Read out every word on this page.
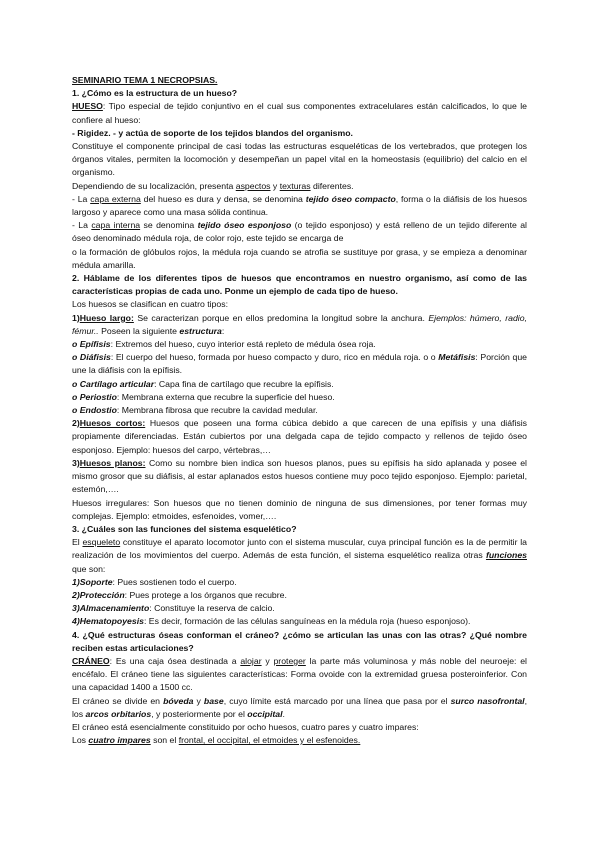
SEMINARIO TEMA 1 NECROPSIAS.

1. ¿Cómo es la estructura de un hueso?

HUESO: Tipo especial de tejido conjuntivo en el cual sus componentes extracelulares están calcificados, lo que le confiere al hueso:

- Rigidez. - y actúa de soporte de los tejidos blandos del organismo.

Constituye el componente principal de casi todas las estructuras esqueléticas de los vertebrados, que protegen los órganos vitales, permiten la locomoción y desempeñan un papel vital en la homeostasis (equilibrio) del calcio en el organismo.

Dependiendo de su localización, presenta aspectos y texturas diferentes.

- La capa externa del hueso es dura y densa, se denomina tejido óseo compacto, forma o la diáfisis de los huesos largoso y aparece como una masa sólida continua.

- La capa interna se denomina tejido óseo esponjoso (o tejido esponjoso) y está relleno de un tejido diferente al óseo denominado médula roja, de color rojo, este tejido se encarga de

o la formación de glóbulos rojos, la médula roja cuando se atrofia se sustituye por grasa, y se empieza a denominar médula amarilla.

2. Háblame de los diferentes tipos de huesos que encontramos en nuestro organismo, así como de las características propias de cada uno. Ponme un ejemplo de cada tipo de hueso.

Los huesos se clasifican en cuatro tipos:

1)Hueso largo: Se caracterizan porque en ellos predomina la longitud sobre la anchura. Ejemplos: húmero, radio, fémur.. Poseen la siguiente estructura:

o Epífisis: Extremos del hueso, cuyo interior está repleto de médula ósea roja.

o Diáfisis: El cuerpo del hueso, formada por hueso compacto y duro, rico en médula roja. o o Metáfisis: Porción que une la diáfisis con la epífisis.

o Cartílago articular: Capa fina de cartílago que recubre la epífisis.

o Periostio: Membrana externa que recubre la superficie del hueso.

o Endostio: Membrana fibrosa que recubre la cavidad medular.

2)Huesos cortos: Huesos que poseen una forma cúbica debido a que carecen de una epífisis y una diáfisis propiamente diferenciadas. Están cubiertos por una delgada capa de tejido compacto y rellenos de tejido óseo esponjoso. Ejemplo: huesos del carpo, vértebras,…

3)Huesos planos: Como su nombre bien indica son huesos planos, pues su epífisis ha sido aplanada y posee el mismo grosor que su diáfisis, al estar aplanados estos huesos contiene muy poco tejido esponjoso. Ejemplo: parietal, estemón,….

Huesos irregulares: Son huesos que no tienen dominio de ninguna de sus dimensiones, por tener formas muy complejas. Ejemplo: etmoides, esfenoides, vomer,….

3. ¿Cuáles son las funciones del sistema esquelético?

El esqueleto constituye el aparato locomotor junto con el sistema muscular, cuya principal función es la de permitir la realización de los movimientos del cuerpo. Además de esta función, el sistema esquelético realiza otras funciones que son:

1)Soporte: Pues sostienen todo el cuerpo.

2)Protección: Pues protege a los órganos que recubre.

3)Almacenamiento: Constituye la reserva de calcio.

4)Hematopoyesis: Es decir, formación de las células sanguíneas en la médula roja (hueso esponjoso).

4. ¿Qué estructuras óseas conforman el cráneo? ¿cómo se articulan las unas con las otras? ¿Qué nombre reciben estas articulaciones?

CRÁNEO: Es una caja ósea destinada a alojar y proteger la parte más voluminosa y más noble del neuroeje: el encéfalo. El cráneo tiene las siguientes características: Forma ovoide con la extremidad gruesa posteroinferior. Con una capacidad 1400 a 1500 cc.

El cráneo se divide en bóveda y base, cuyo límite está marcado por una línea que pasa por el surco nasofrontal, los arcos orbitarios, y posteriormente por el occipital.

El cráneo está esencialmente constituido por ocho huesos, cuatro pares y cuatro impares:

Los cuatro impares son el frontal, el occipital, el etmoides y el esfenoides.
